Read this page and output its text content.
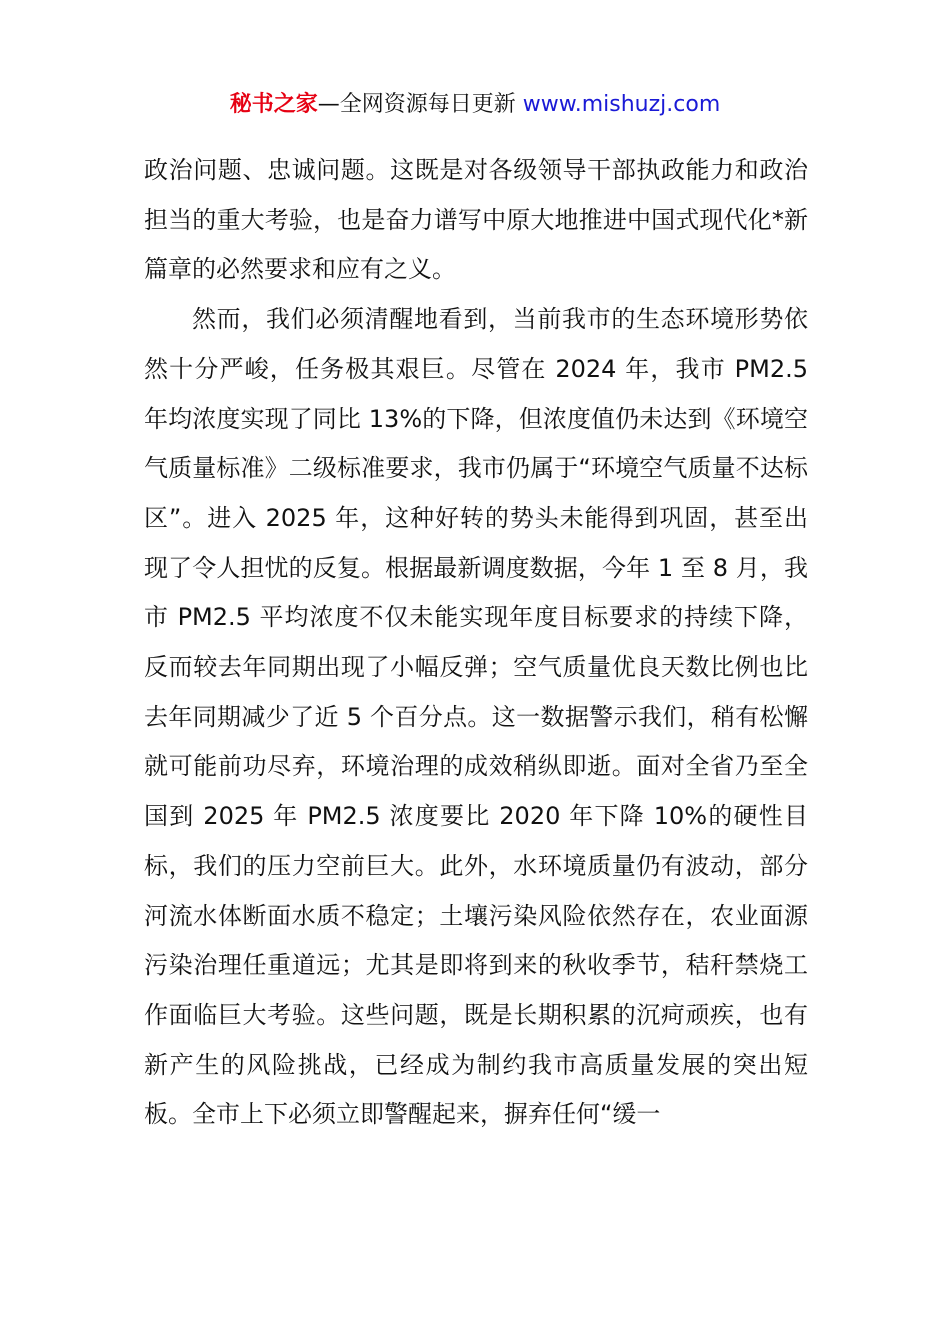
秘书之家—全网资源每日更新 www.mishuzj.com

政治问题、忠诚问题。这既是对各级领导干部执政能力和政治担当的重大考验，也是奋力谱写中原大地推进中国式现代化*新篇章的必然要求和应有之义。

然而，我们必须清醒地看到，当前我市的生态环境形势依然十分严峻，任务极其艰巨。尽管在 2024 年，我市 PM2.5 年均浓度实现了同比 13%的下降，但浓度值仍未达到《环境空气质量标准》二级标准要求，我市仍属于“环境空气质量不达标区”。进入 2025 年，这种好转的势头未能得到巩固，甚至出现了令人担忧的反复。根据最新调度数据，今年 1 至 8 月，我市 PM2.5 平均浓度不仅未能实现年度目标要求的持续下降，反而较去年同期出现了小幅反弹；空气质量优良天数比例也比去年同期减少了近 5 个百分点。这一数据警示我们，稍有松懈就可能前功尽弃，环境治理的成效稍纵即逝。面对全省乃至全国到 2025 年 PM2.5 浓度要比 2020 年下降 10%的硬性目标，我们的压力空前巨大。此外，水环境质量仍有波动，部分河流水体断面水质不稳定；土壤污染风险依然存在，农业面源污染治理任重道远；尤其是即将到来的秋收季节，秸秆禁烧工作面临巨大考验。这些问题，既是长期积累的沉疴顽疾，也有新产生的风险挑战，已经成为制约我市高质量发展的突出短板。全市上下必须立即警醒起来，摒弃任何“缓一
